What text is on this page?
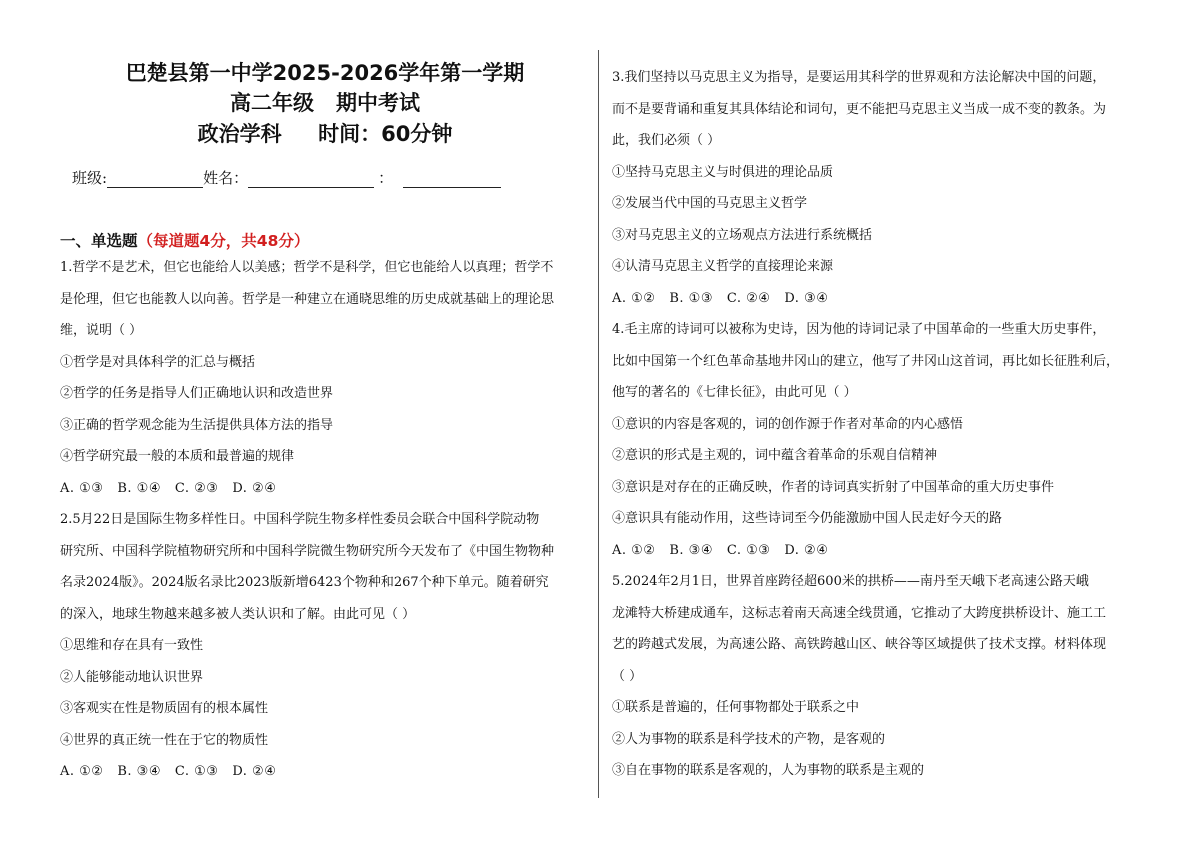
巴楚县第一中学2025-2026学年第一学期
高二年级   期中考试
政治学科     时间：60分钟
班级:	姓名：	：
一、单选题（每道题4分，共48分）
1.哲学不是艺术，但它也能给人以美感；哲学不是科学，但它也能给人以真理；哲学不
是伦理，但它也能教人以向善。哲学是一种建立在通晓思维的历史成就基础上的理论思
维，说明（ ）
①哲学是对具体科学的汇总与概括
②哲学的任务是指导人们正确地认识和改造世界
③正确的哲学观念能为生活提供具体方法的指导
④哲学研究最一般的本质和最普遍的规律
A. ①③   B. ①④   C. ②③   D. ②④
2.5月22日是国际生物多样性日。中国科学院生物多样性委员会联合中国科学院动物
研究所、中国科学院植物研究所和中国科学院微生物研究所今天发布了《中国生物物种
名录2024版》。2024版名录比2023版新增6423个物种和267个种下单元。随着研究
的深入，地球生物越来越多被人类认识和了解。由此可见（ ）
①思维和存在具有一致性
②人能够能动地认识世界
③客观实在性是物质固有的根本属性
④世界的真正统一性在于它的物质性
A. ①②   B. ③④   C. ①③   D. ②④
3.我们坚持以马克思主义为指导，是要运用其科学的世界观和方法论解决中国的问题，
而不是要背诵和重复其具体结论和词句，更不能把马克思主义当成一成不变的教条。为
此，我们必须（ ）
①坚持马克思主义与时俱进的理论品质
②发展当代中国的马克思主义哲学
③对马克思主义的立场观点方法进行系统概括
④认清马克思主义哲学的直接理论来源
A. ①②   B. ①③   C. ②④   D. ③④
4.毛主席的诗词可以被称为史诗，因为他的诗词记录了中国革命的一些重大历史事件，
比如中国第一个红色革命基地井冈山的建立，他写了井冈山这首词，再比如长征胜利后，
他写的著名的《七律长征》，由此可见（ ）
①意识的内容是客观的，词的创作源于作者对革命的内心感悟
②意识的形式是主观的，词中蕴含着革命的乐观自信精神
③意识是对存在的正确反映，作者的诗词真实折射了中国革命的重大历史事件
④意识具有能动作用，这些诗词至今仍能激励中国人民走好今天的路
A. ①②   B. ③④   C. ①③   D. ②④
5.2024年2月1日，世界首座跨径超600米的拱桥——南丹至天峨下老高速公路天峨
龙滩特大桥建成通车，这标志着南天高速全线贯通，它推动了大跨度拱桥设计、施工工
艺的跨越式发展，为高速公路、高铁跨越山区、峡谷等区域提供了技术支撑。材料体现
（ ）
①联系是普遍的，任何事物都处于联系之中
②人为事物的联系是科学技术的产物，是客观的
③自在事物的联系是客观的，人为事物的联系是主观的
